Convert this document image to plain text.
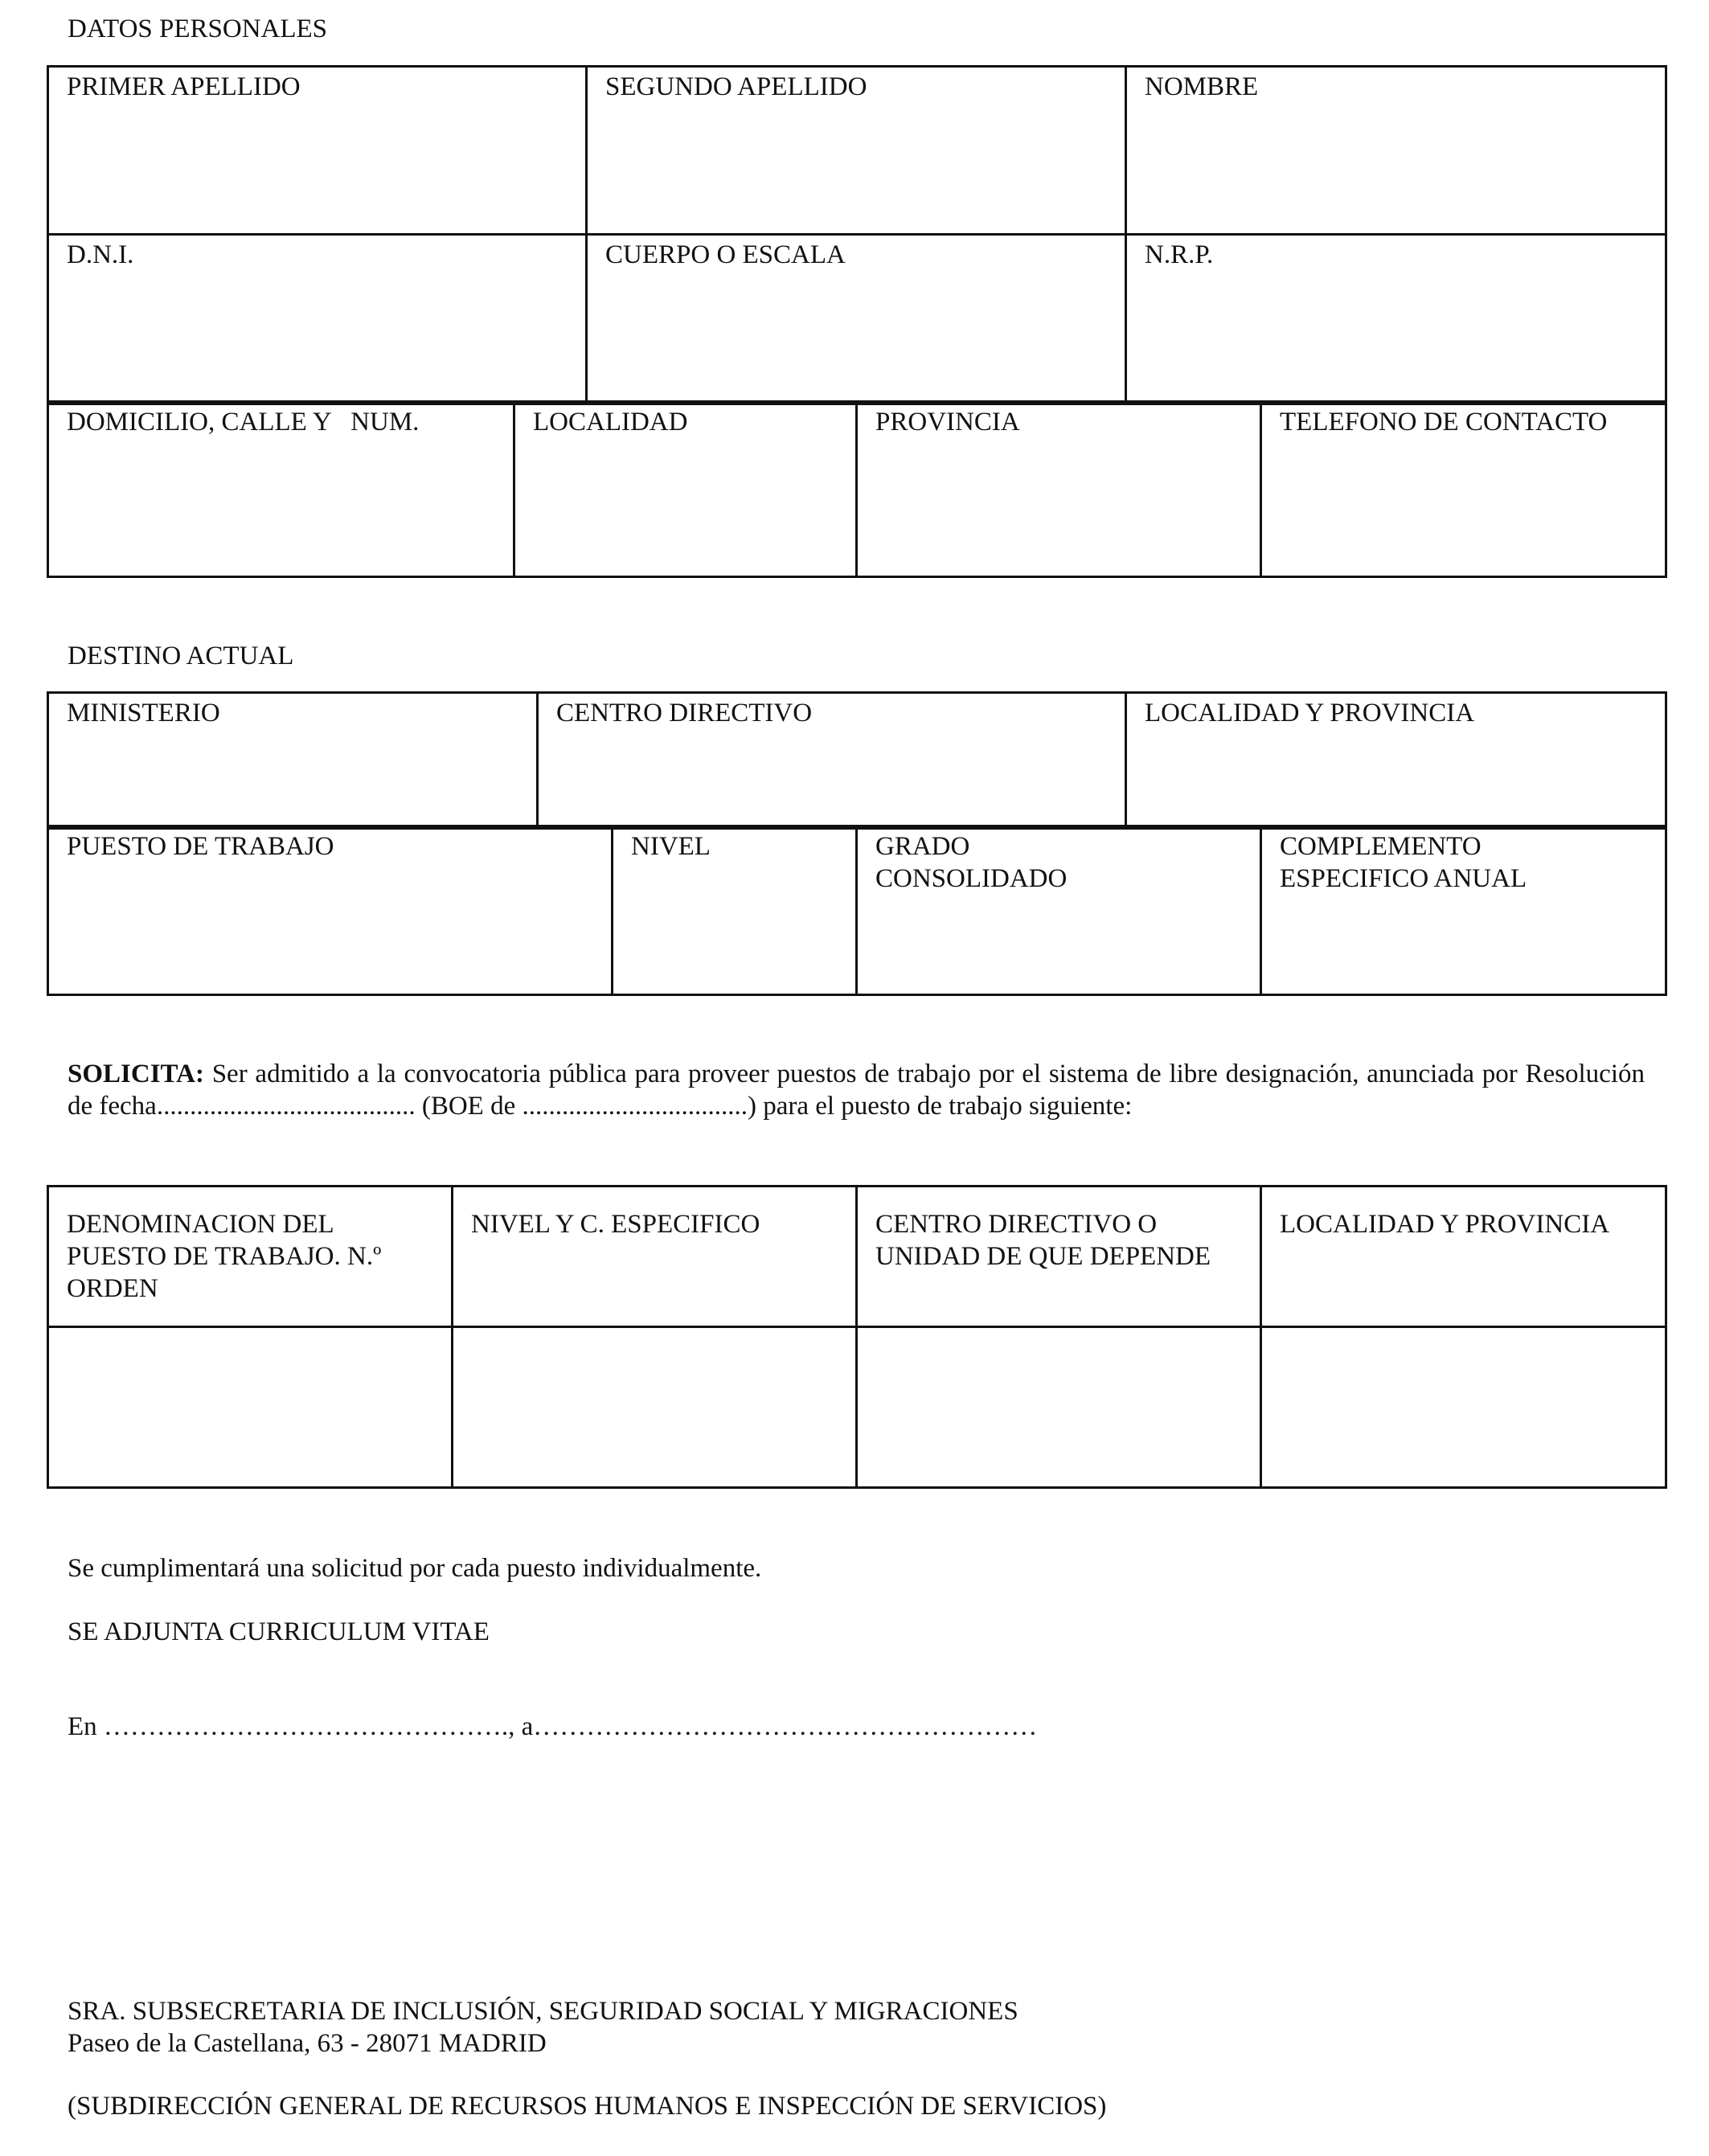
DATOS PERSONALES
PRIMER APELLIDO	SEGUNDO APELLIDO	NOMBRE
D.N.I.	CUERPO O ESCALA	N.R.P.
DOMICILIO, CALLE Y   NUM.	LOCALIDAD	PROVINCIA	TELEFONO DE CONTACTO
DESTINO ACTUAL
MINISTERIO	CENTRO DIRECTIVO	LOCALIDAD Y PROVINCIA
PUESTO DE TRABAJO	NIVEL	GRADO CONSOLIDADO	COMPLEMENTO ESPECIFICO ANUAL
SOLICITA: Ser admitido a la convocatoria pública para proveer puestos de trabajo por el sistema de libre designación, anunciada por Resolución de fecha....................................... (BOE de ..................................) para el puesto de trabajo siguiente:
DENOMINACION DEL PUESTO DE TRABAJO. N.º ORDEN	NIVEL Y C. ESPECIFICO	CENTRO DIRECTIVO O UNIDAD DE QUE DEPENDE	LOCALIDAD Y PROVINCIA

Se cumplimentará una solicitud por cada puesto individualmente.
SE ADJUNTA CURRICULUM VITAE
En ………………………………………., a…………………………………………………
SRA. SUBSECRETARIA DE INCLUSIÓN, SEGURIDAD SOCIAL Y MIGRACIONES
Paseo de la Castellana, 63 - 28071 MADRID
(SUBDIRECCIÓN GENERAL DE RECURSOS HUMANOS E INSPECCIÓN DE SERVICIOS)
